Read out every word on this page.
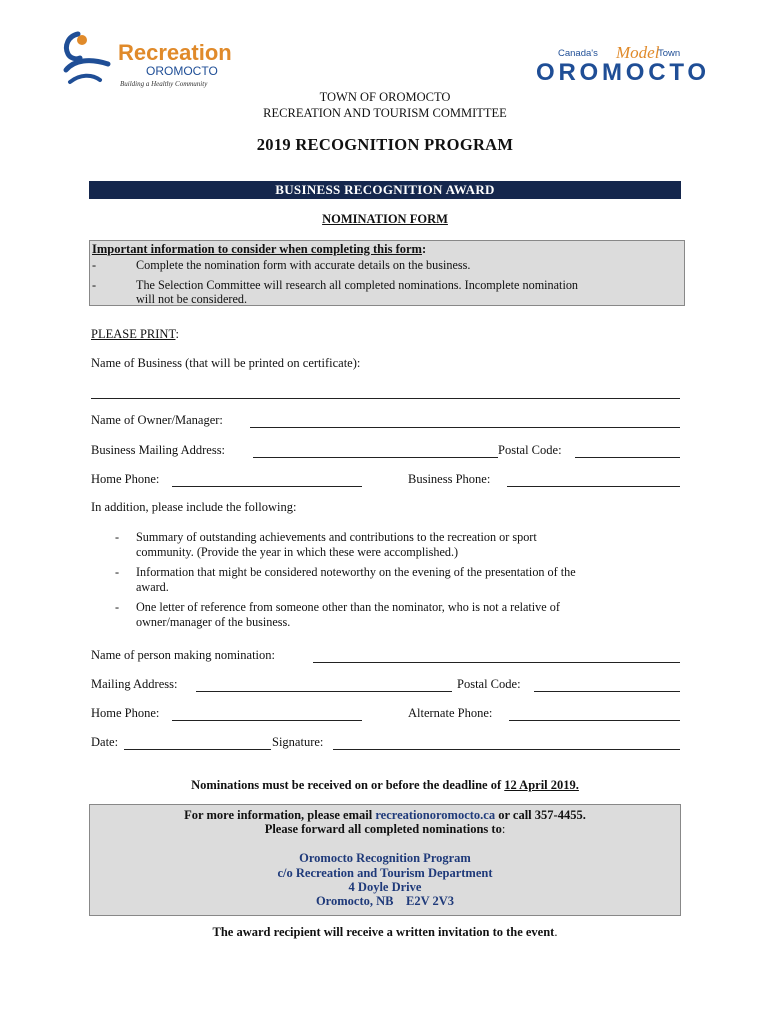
Recreation
OROMOCTO
Building a Healthy Community
Canada's Model
Town
OROMOCTO
TOWN OF OROMOCTO
RECREATION AND TOURISM COMMITTEE
2019 RECOGNITION PROGRAM
BUSINESS RECOGNITION AWARD
NOMINATION FORM
Important information to consider when completing this form:
-	Complete the nomination form with accurate details on the business.
-	The Selection Committee will research all completed nominations. Incomplete nomination
will not be considered.
PLEASE PRINT:
Name of Business (that will be printed on certificate):
Name of Owner/Manager:
Business Mailing Address:	Postal Code:
Home Phone:	Business Phone:
In addition, please include the following:
- Summary of outstanding achievements and contributions to the recreation or sport
community. (Provide the year in which these were accomplished.)
- Information that might be considered noteworthy on the evening of the presentation of the
award.
- One letter of reference from someone other than the nominator, who is not a relative of
owner/manager of the business.
Name of person making nomination:
Mailing Address:	Postal Code:
Home Phone:	Alternate Phone:
Date:	Signature:
Nominations must be received on or before the deadline of 12 April 2019.
For more information, please email recreationoromocto.ca or call 357-4455.
Please forward all completed nominations to:
Oromocto Recognition Program
c/o Recreation and Tourism Department
4 Doyle Drive
Oromocto, NB    E2V 2V3
The award recipient will receive a written invitation to the event.
